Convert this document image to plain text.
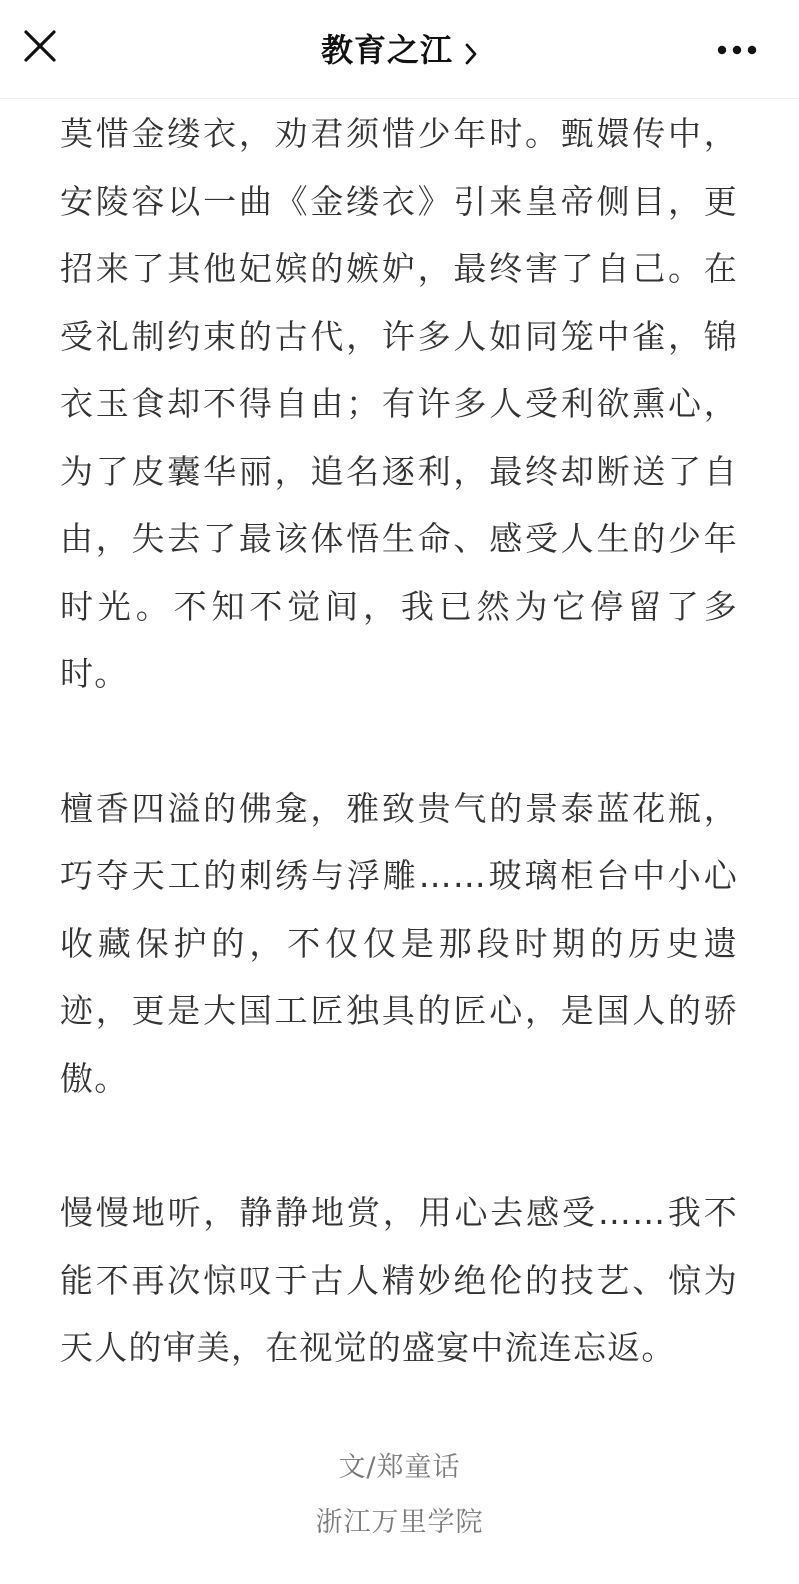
教育之江

莫惜金缕衣，劝君须惜少年时。甄嬛传中，安陵容以一曲《金缕衣》引来皇帝侧目，更招来了其他妃嫔的嫉妒，最终害了自己。在受礼制约束的古代，许多人如同笼中雀，锦衣玉食却不得自由；有许多人受利欲熏心，为了皮囊华丽，追名逐利，最终却断送了自由，失去了最该体悟生命、感受人生的少年时光。不知不觉间，我已然为它停留了多时。

檀香四溢的佛龛，雅致贵气的景泰蓝花瓶，巧夺天工的刺绣与浮雕……玻璃柜台中小心收藏保护的，不仅仅是那段时期的历史遗迹，更是大国工匠独具的匠心，是国人的骄傲。

慢慢地听，静静地赏，用心去感受……我不能不再次惊叹于古人精妙绝伦的技艺、惊为天人的审美，在视觉的盛宴中流连忘返。

文/郑童话
浙江万里学院
